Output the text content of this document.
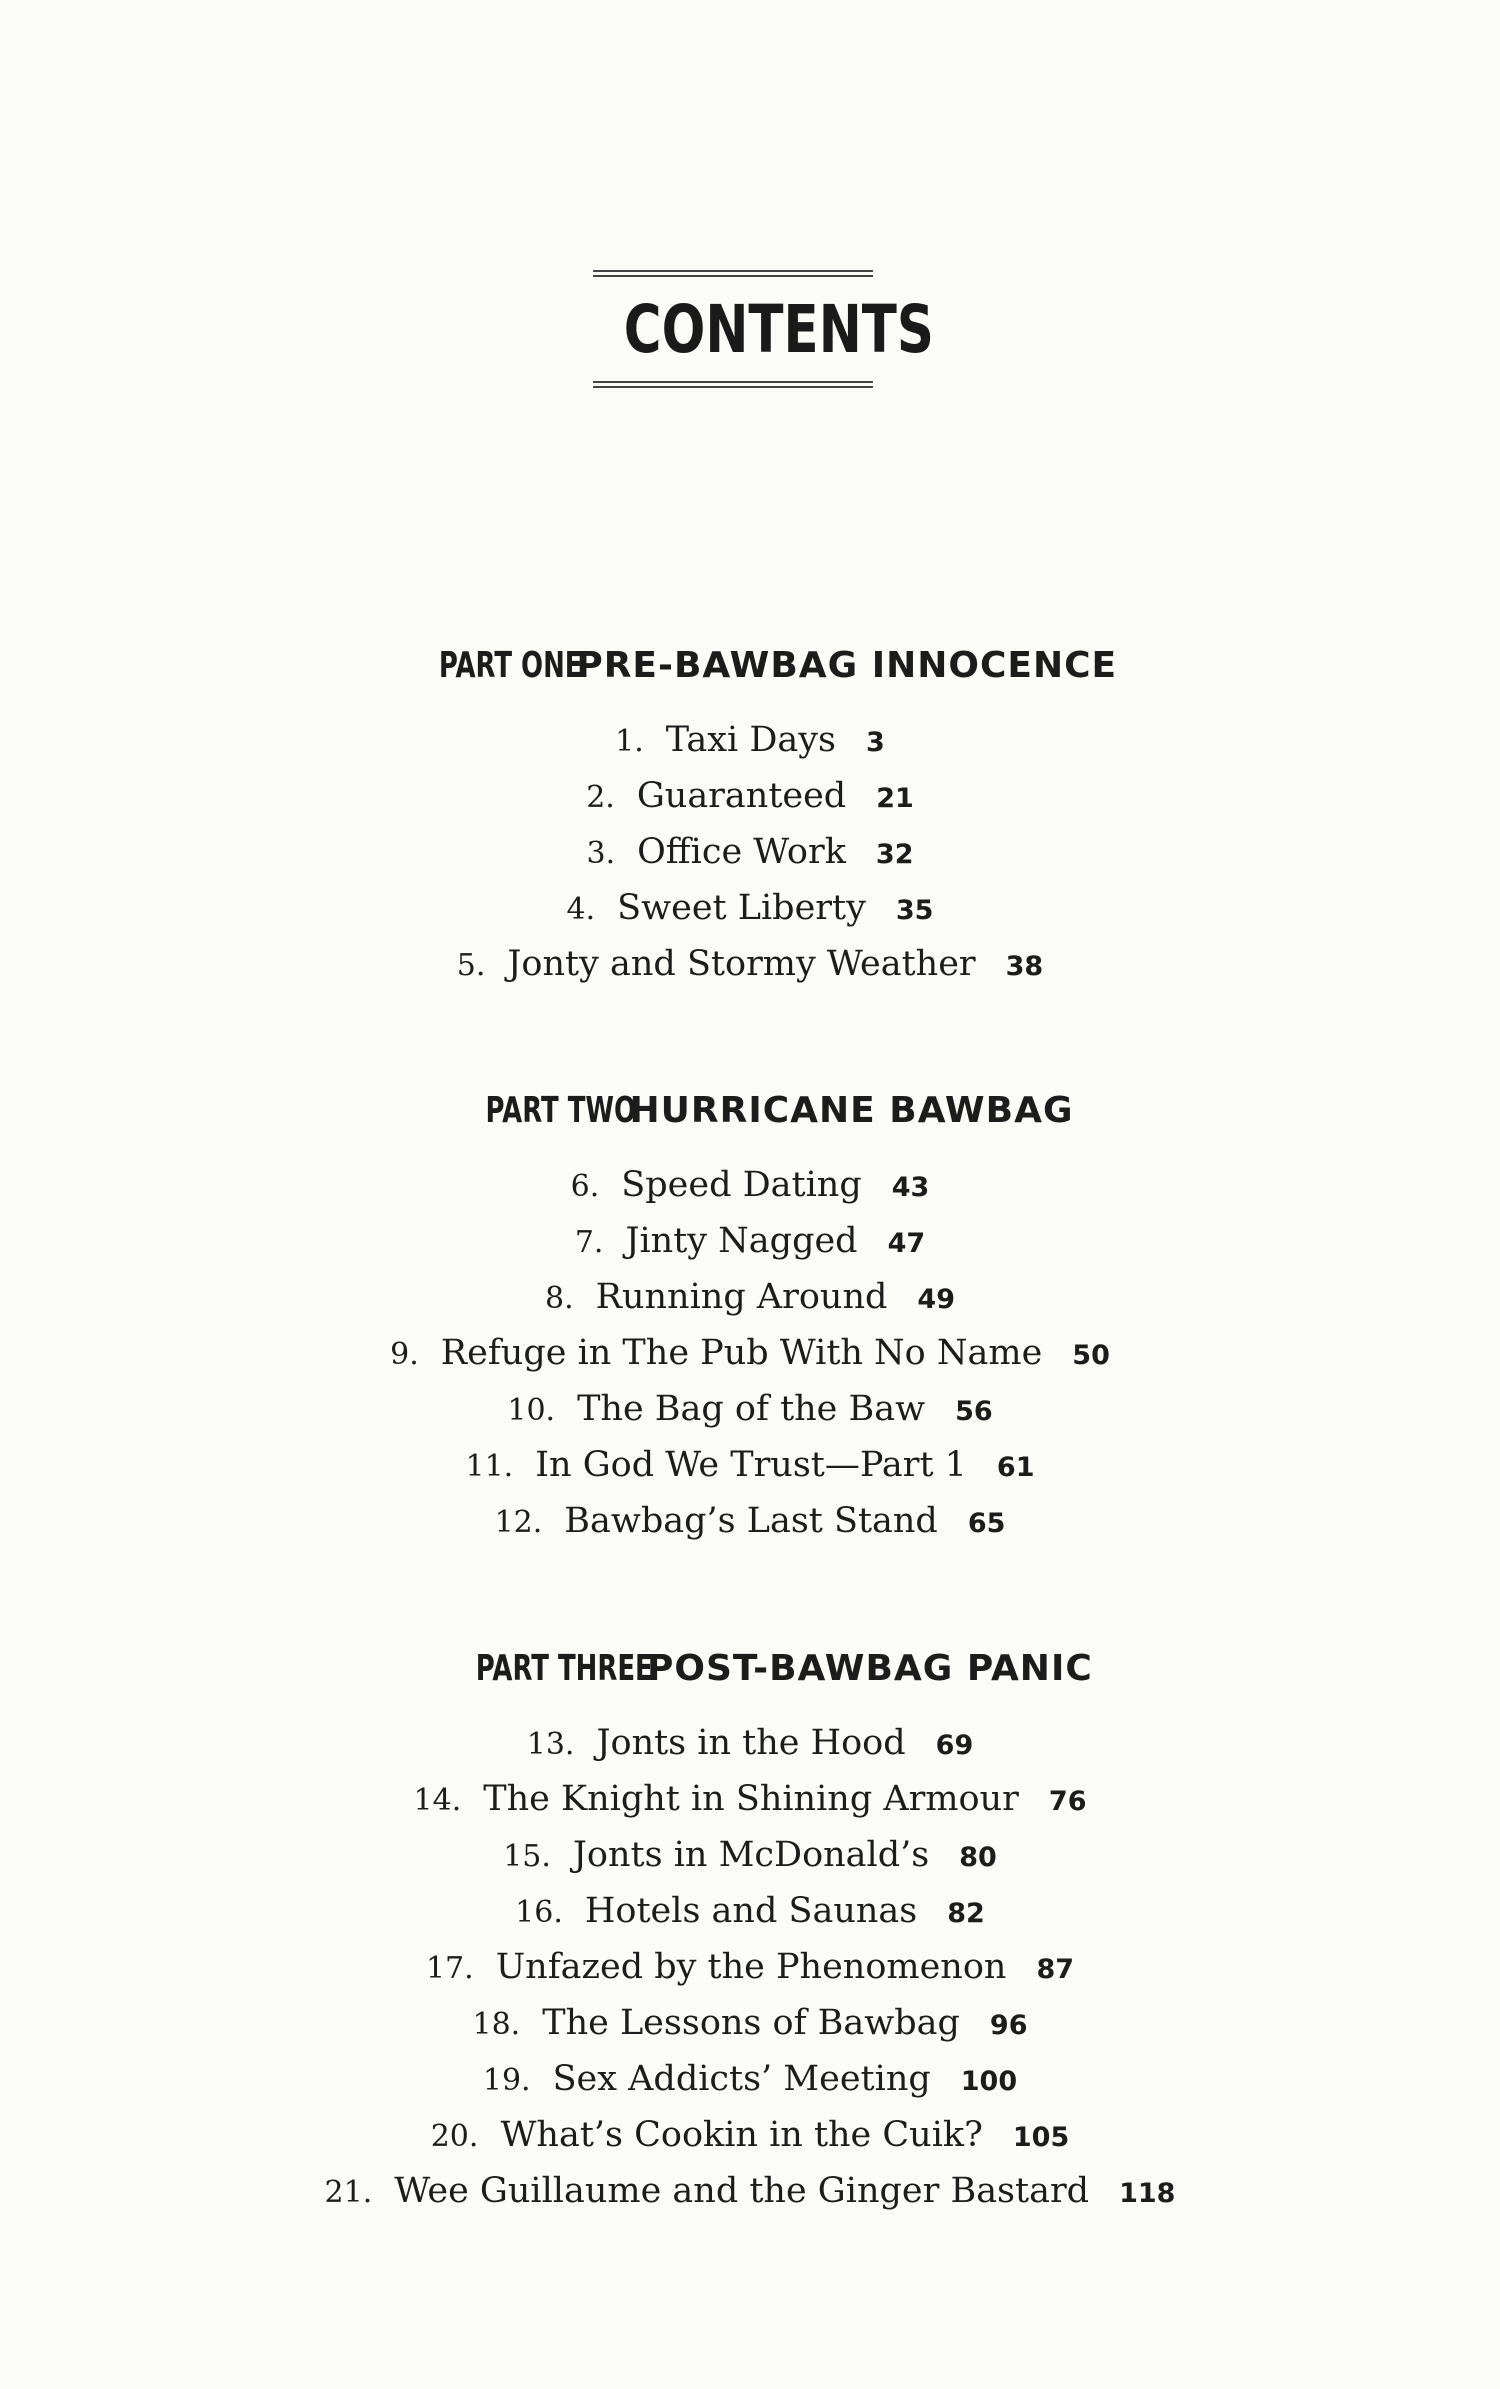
CONTENTS
PART ONE PRE-BAWBAG INNOCENCE
1. Taxi Days 3
2. Guaranteed 21
3. Office Work 32
4. Sweet Liberty 35
5. Jonty and Stormy Weather 38
PART TWO HURRICANE BAWBAG
6. Speed Dating 43
7. Jinty Nagged 47
8. Running Around 49
9. Refuge in The Pub With No Name 50
10. The Bag of the Baw 56
11. In God We Trust—Part 1 61
12. Bawbag’s Last Stand 65
PART THREE POST-BAWBAG PANIC
13. Jonts in the Hood 69
14. The Knight in Shining Armour 76
15. Jonts in McDonald’s 80
16. Hotels and Saunas 82
17. Unfazed by the Phenomenon 87
18. The Lessons of Bawbag 96
19. Sex Addicts’ Meeting 100
20. What’s Cookin in the Cuik? 105
21. Wee Guillaume and the Ginger Bastard 118
